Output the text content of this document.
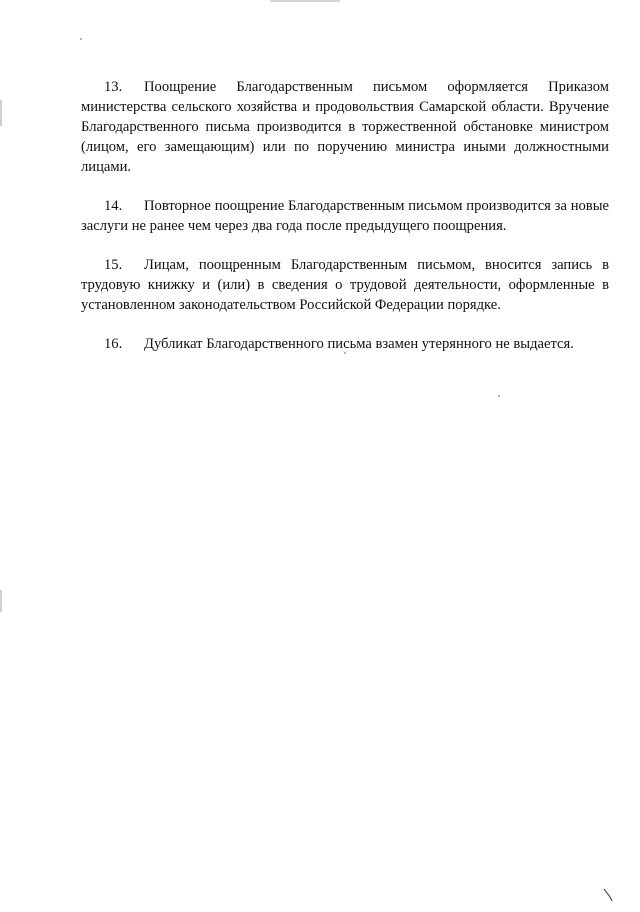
13. Поощрение Благодарственным письмом оформляется Приказом министерства сельского хозяйства и продовольствия Самарской области. Вручение Благодарственного письма производится в торжественной обстановке министром (лицом, его замещающим) или по поручению министра иными должностными лицами.

14. Повторное поощрение Благодарственным письмом производится за новые заслуги не ранее чем через два года после предыдущего поощрения.

15. Лицам, поощренным Благодарственным письмом, вносится запись в трудовую книжку и (или) в сведения о трудовой деятельности, оформленные в установленном законодательством Российской Федерации порядке.

16. Дубликат Благодарственного письма взамен утерянного не выдается.
